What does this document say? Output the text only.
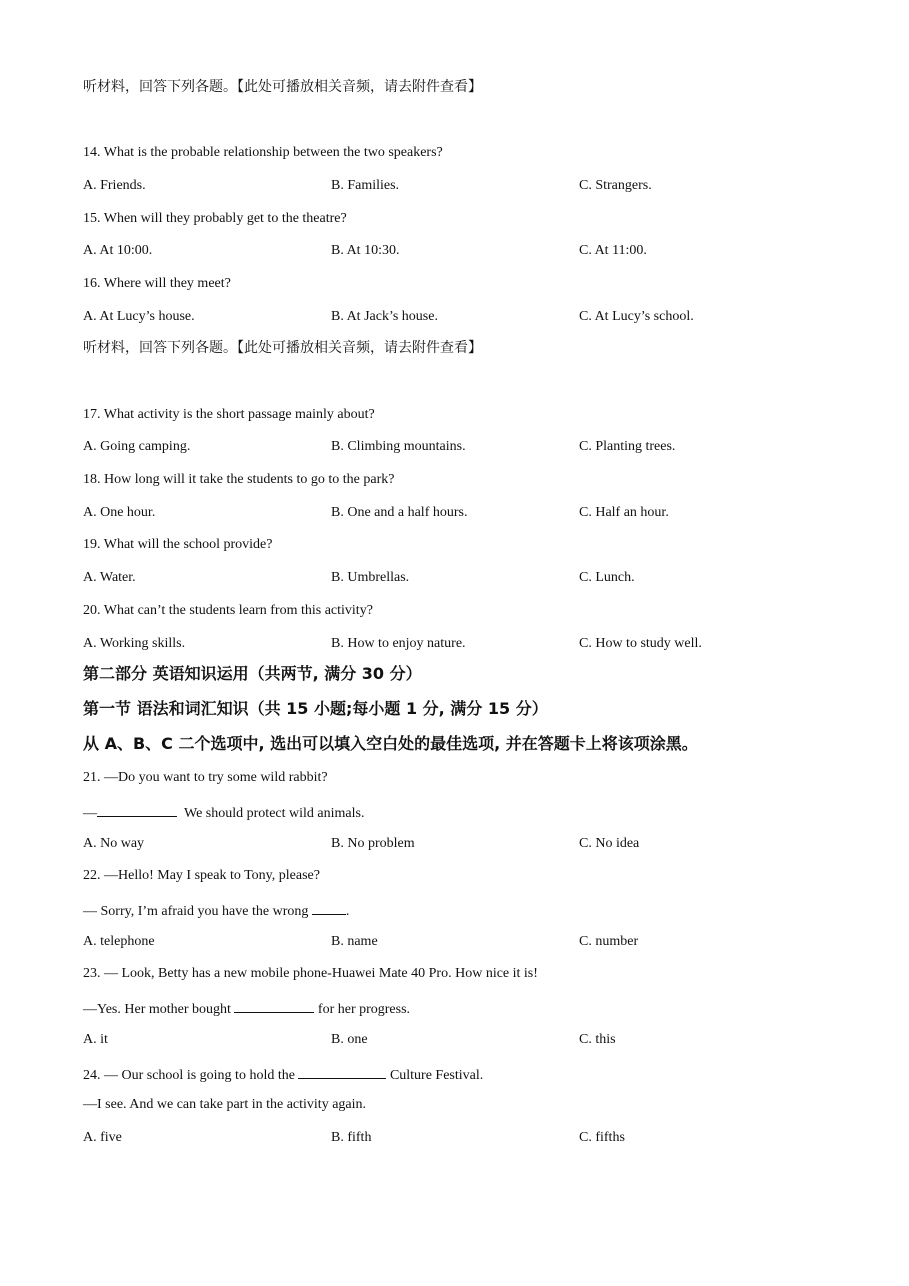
听材料，回答下列各题。【此处可播放相关音频，请去附件查看】
14. What is the probable relationship between the two speakers?
A. Friends.	B. Families.	C. Strangers.
15. When will they probably get to the theatre?
A. At 10:00.	B. At 10:30.	C. At 11:00.
16. Where will they meet?
A. At Lucy’s house.	B. At Jack’s house.	C. At Lucy’s school.
听材料，回答下列各题。【此处可播放相关音频，请去附件查看】
17. What activity is the short passage mainly about?
A. Going camping.	B. Climbing mountains.	C. Planting trees.
18. How long will it take the students to go to the park?
A. One hour.	B. One and a half hours.	C. Half an hour.
19. What will the school provide?
A. Water.	B. Umbrellas.	C. Lunch.
20. What can’t the students learn from this activity?
A. Working skills.	B. How to enjoy nature.	C. How to study well.
第二部分 英语知识运用（共两节, 满分 30 分）
第一节 语法和词汇知识（共 15 小题;每小题 1 分, 满分 15 分）
从 A、B、C 二个选项中, 选出可以填入空白处的最佳选项, 并在答题卡上将该项涂黑。
21. —Do you want to try some wild rabbit?
—	We should protect wild animals.
A. No way	B. No problem	C. No idea
22. —Hello! May I speak to Tony, please?
— Sorry, I’m afraid you have the wrong	.
A. telephone	B. name	C. number
23. — Look, Betty has a new mobile phone-Huawei Mate 40 Pro. How nice it is!
—Yes. Her mother bought	for her progress.
A. it	B. one	C. this
24. — Our school is going to hold the	Culture Festival.
—I see. And we can take part in the activity again.
A. five	B. fifth	C. fifths
